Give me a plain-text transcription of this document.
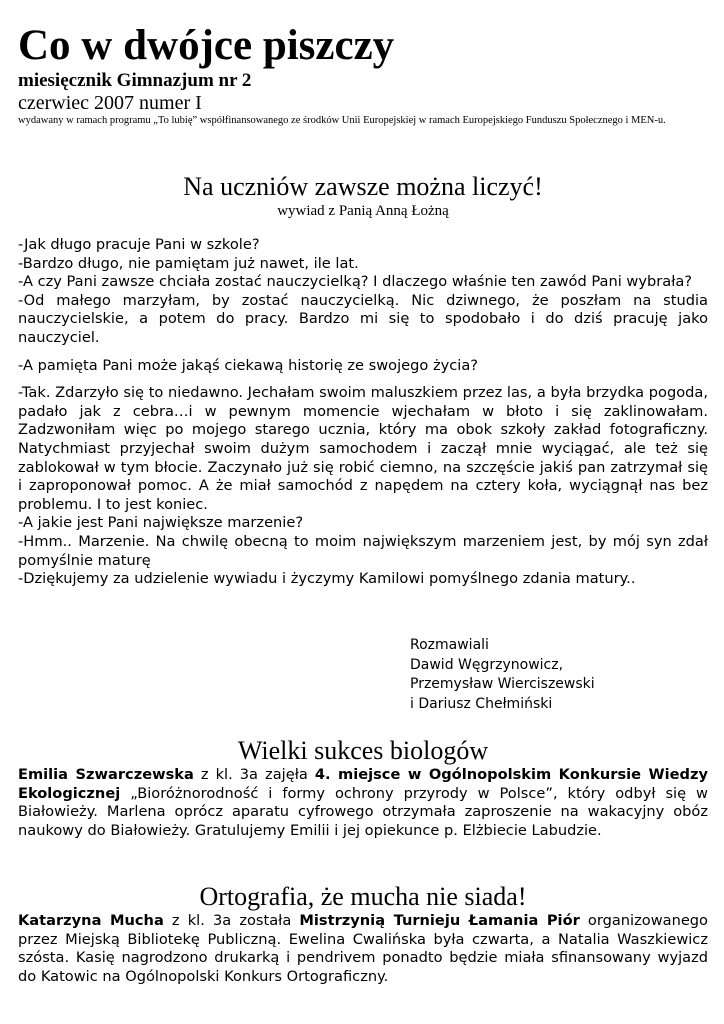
Co w dwójce piszczy
miesięcznik Gimnazjum nr 2
czerwiec 2007 numer I
wydawany w ramach programu „To lubię” współfinansowanego ze środków Unii Europejskiej w ramach Europejskiego Funduszu Społecznego i MEN-u.
Na uczniów zawsze można liczyć!
wywiad z Panią Anną Łożną

-Jak długo pracuje Pani w szkole?

-Bardzo długo, nie pamiętam już nawet, ile lat.

-A czy Pani zawsze chciała zostać nauczycielką? I dlaczego właśnie ten zawód Pani wybrała?

-Od małego marzyłam, by zostać nauczycielką. Nic dziwnego, że poszłam na studia nauczycielskie, a potem do pracy. Bardzo mi się to spodobało i do dziś pracuję jako nauczyciel.

-A pamięta Pani może jakąś ciekawą historię ze swojego życia?

-Tak. Zdarzyło się to niedawno. Jechałam swoim maluszkiem przez las, a była brzydka pogoda, padało jak z cebra…i w pewnym momencie wjechałam w błoto i się zaklinowałam. Zadzwoniłam więc po mojego starego ucznia, który ma obok szkoły zakład fotograficzny. Natychmiast przyjechał swoim dużym samochodem i zaczął mnie wyciągać, ale też się zablokował w tym błocie. Zaczynało już się robić ciemno, na szczęście jakiś pan zatrzymał się i zaproponował pomoc. A że miał samochód z napędem na cztery koła, wyciągnął nas bez problemu. I to jest koniec.

-A jakie jest Pani największe marzenie?

-Hmm.. Marzenie. Na chwilę obecną to moim największym marzeniem jest, by mój syn zdał pomyślnie maturę

-Dziękujemy za udzielenie wywiadu i życzymy Kamilowi pomyślnego zdania matury..

Rozmawiali
Dawid Węgrzynowicz,
Przemysław Wierciszewski
i Dariusz Chełmiński
Wielki sukces biologów

Emilia Szwarczewska z kl. 3a zajęła 4. miejsce w Ogólnopolskim Konkursie Wiedzy Ekologicznej „Bioróżnorodność i formy ochrony przyrody w Polsce”, który odbył się w Białowieży. Marlena oprócz aparatu cyfrowego otrzymała zaproszenie na wakacyjny obóz naukowy do Białowieży. Gratulujemy Emilii i jej opiekunce p. Elżbiecie Labudzie.

Ortografia, że mucha nie siada!

Katarzyna Mucha z kl. 3a została Mistrzynią Turnieju Łamania Piór organizowanego przez Miejską Bibliotekę Publiczną. Ewelina Cwalińska była czwarta, a Natalia Waszkiewicz szósta. Kasię nagrodzono drukarką i pendrivem ponadto będzie miała sfinansowany wyjazd do Katowic na Ogólnopolski Konkurs Ortograficzny.
